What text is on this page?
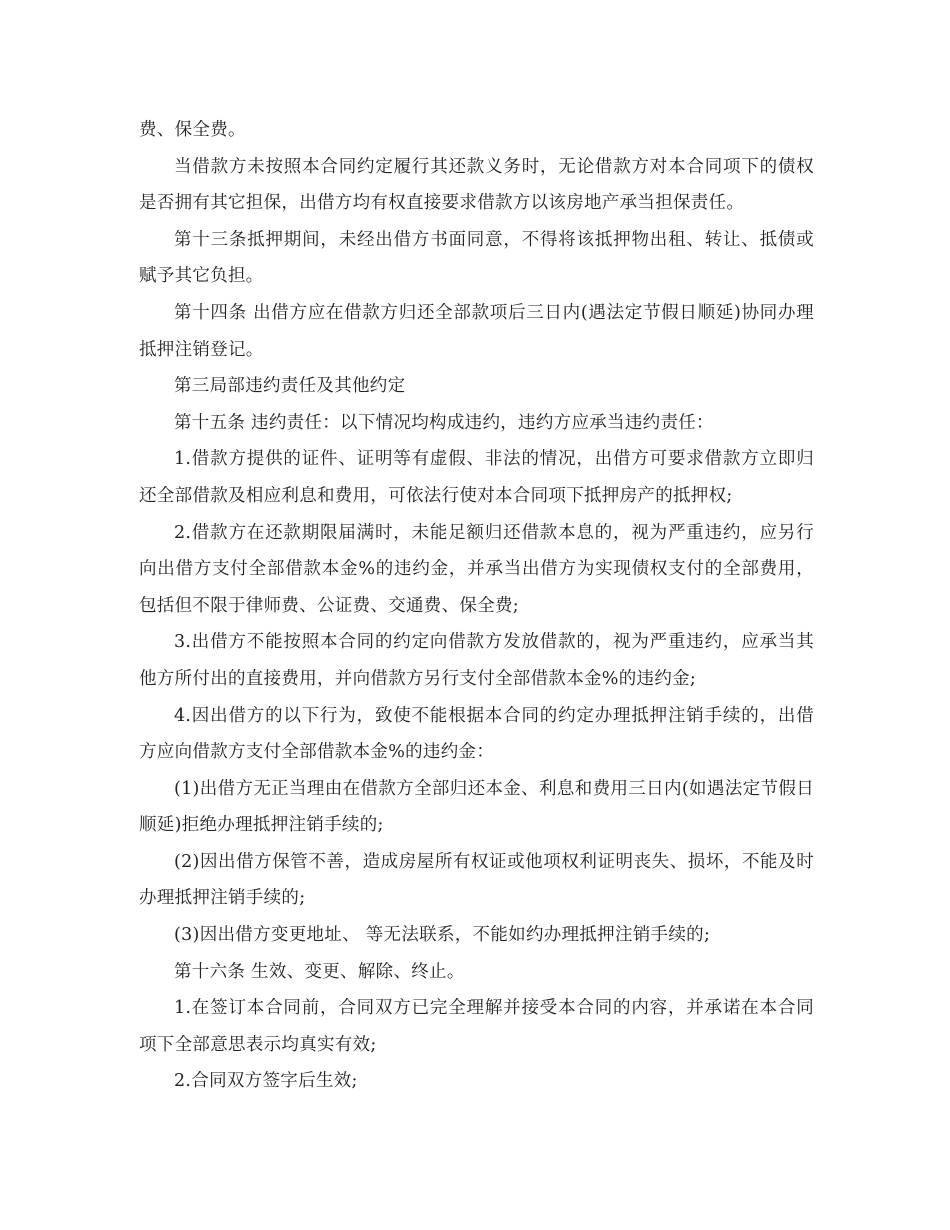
费、保全费。

当借款方未按照本合同约定履行其还款义务时，无论借款方对本合同项下的债权是否拥有其它担保，出借方均有权直接要求借款方以该房地产承当担保责任。

第十三条抵押期间，未经出借方书面同意，不得将该抵押物出租、转让、抵债或赋予其它负担。

第十四条 出借方应在借款方归还全部款项后三日内(遇法定节假日顺延)协同办理抵押注销登记。

第三局部违约责任及其他约定

第十五条 违约责任：以下情况均构成违约，违约方应承当违约责任：

1.借款方提供的证件、证明等有虚假、非法的情况，出借方可要求借款方立即归还全部借款及相应利息和费用，可依法行使对本合同项下抵押房产的抵押权;

2.借款方在还款期限届满时，未能足额归还借款本息的，视为严重违约，应另行向出借方支付全部借款本金%的违约金，并承当出借方为实现债权支付的全部费用，包括但不限于律师费、公证费、交通费、保全费;

3.出借方不能按照本合同的约定向借款方发放借款的，视为严重违约，应承当其他方所付出的直接费用，并向借款方另行支付全部借款本金%的违约金;

4.因出借方的以下行为，致使不能根据本合同的约定办理抵押注销手续的，出借方应向借款方支付全部借款本金%的违约金：

(1)出借方无正当理由在借款方全部归还本金、利息和费用三日内(如遇法定节假日顺延)拒绝办理抵押注销手续的;

(2)因出借方保管不善，造成房屋所有权证或他项权利证明丧失、损坏，不能及时办理抵押注销手续的;

(3)因出借方变更地址、 等无法联系，不能如约办理抵押注销手续的;

第十六条 生效、变更、解除、终止。

1.在签订本合同前，合同双方已完全理解并接受本合同的内容，并承诺在本合同项下全部意思表示均真实有效;

2.合同双方签字后生效;
